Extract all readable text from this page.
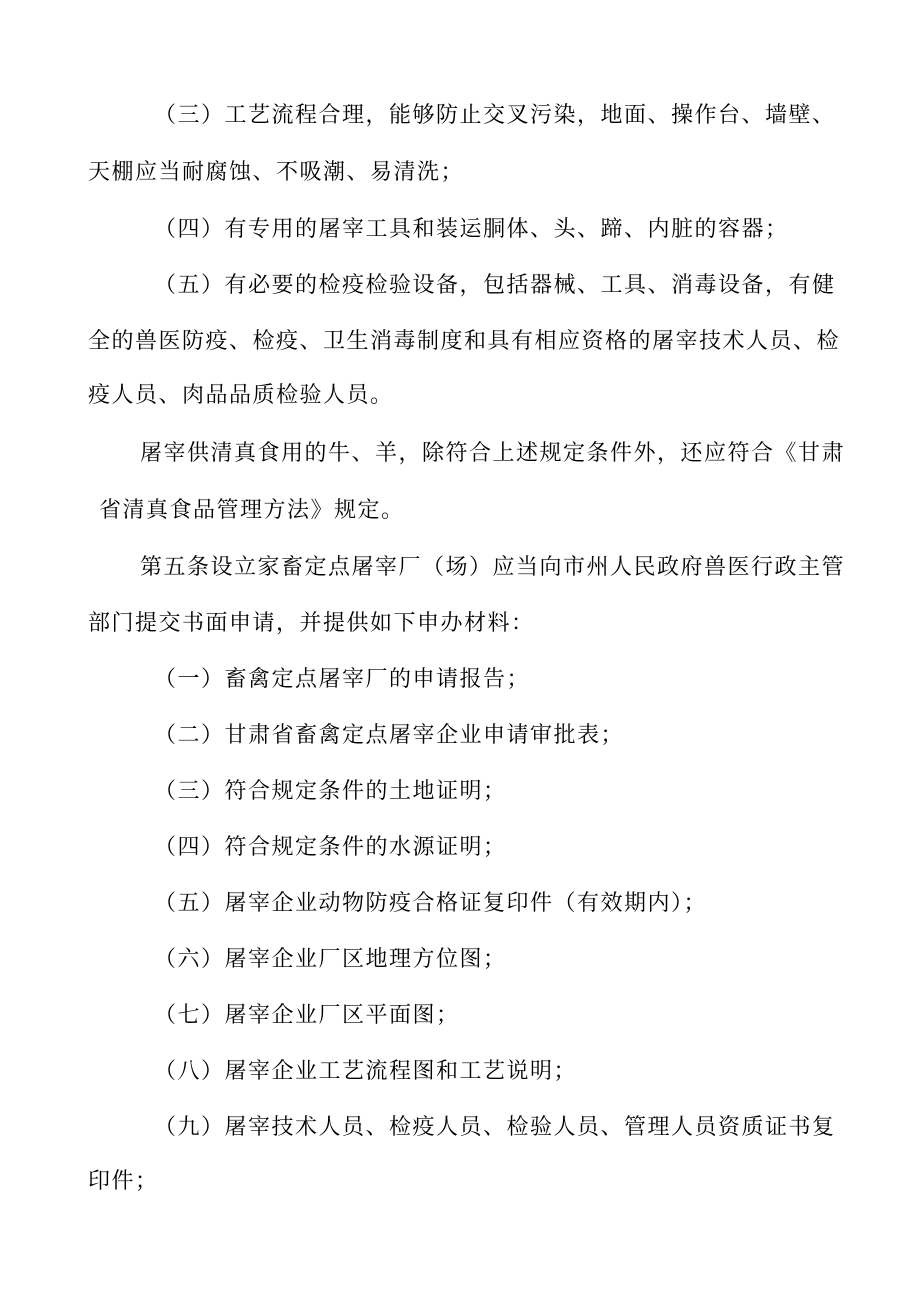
（三）工艺流程合理，能够防止交叉污染，地面、操作台、墙壁、
天棚应当耐腐蚀、不吸潮、易清洗；
（四）有专用的屠宰工具和装运胴体、头、蹄、内脏的容器；
（五）有必要的检疫检验设备，包括器械、工具、消毒设备，有健
全的兽医防疫、检疫、卫生消毒制度和具有相应资格的屠宰技术人员、检
疫人员、肉品品质检验人员。
屠宰供清真食用的牛、羊，除符合上述规定条件外，还应符合《甘肃
省清真食品管理方法》规定。
第五条设立家畜定点屠宰厂（场）应当向市州人民政府兽医行政主管
部门提交书面申请，并提供如下申办材料：
（一）畜禽定点屠宰厂的申请报告；
（二）甘肃省畜禽定点屠宰企业申请审批表；
（三）符合规定条件的土地证明；
（四）符合规定条件的水源证明；
（五）屠宰企业动物防疫合格证复印件（有效期内）；
（六）屠宰企业厂区地理方位图；
（七）屠宰企业厂区平面图；
（八）屠宰企业工艺流程图和工艺说明；
（九）屠宰技术人员、检疫人员、检验人员、管理人员资质证书复
印件；
